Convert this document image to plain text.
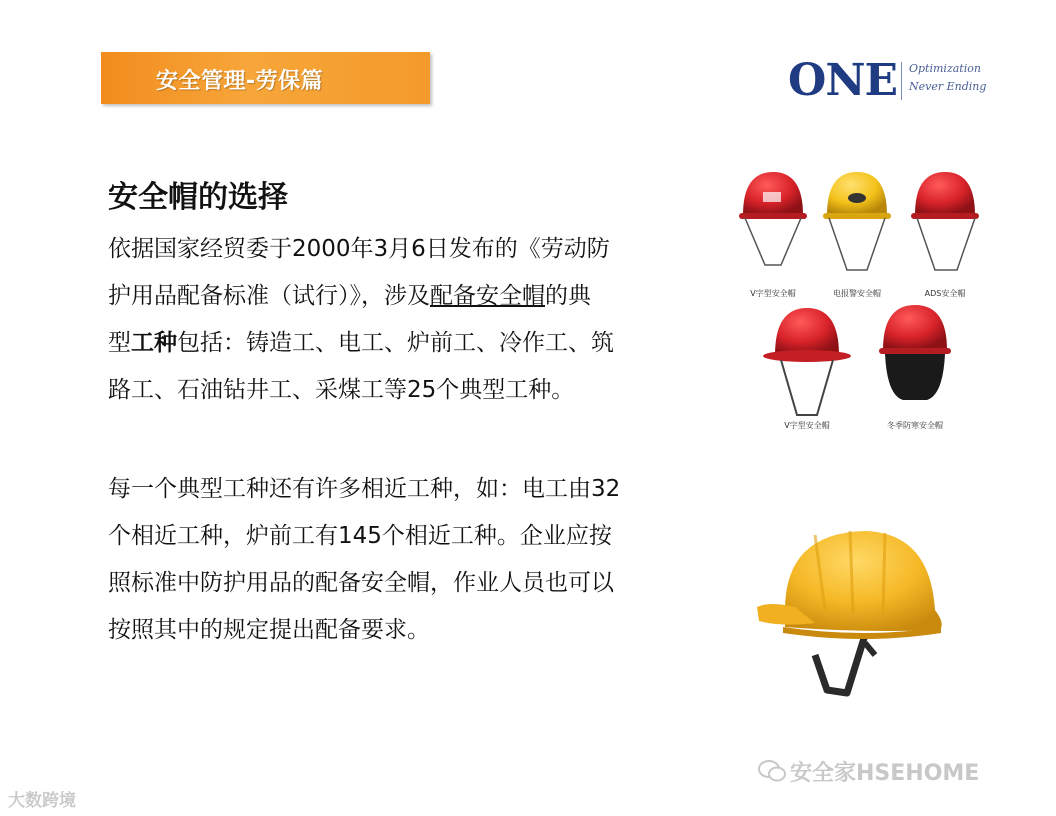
安全管理-劳保篇	ONE Optimization
Never Ending
安全帽的选择
依据国家经贸委于2000年3月6日发布的《劳动防
护用品配备标准（试行）》，涉及配备安全帽的典
型工种包括：铸造工、电工、炉前工、冷作工、筑
路工、石油钻井工、采煤工等25个典型工种。
每一个典型工种还有许多相近工种，如：电工由32
个相近工种，炉前工有145个相近工种。企业应按
照标准中防护用品的配备安全帽，作业人员也可以
按照其中的规定提出配备要求。
V字型安全帽	电报警安全帽	ADS安全帽
V字型安全帽	冬季防寒安全帽
安全家HSEHOME
大数跨境
